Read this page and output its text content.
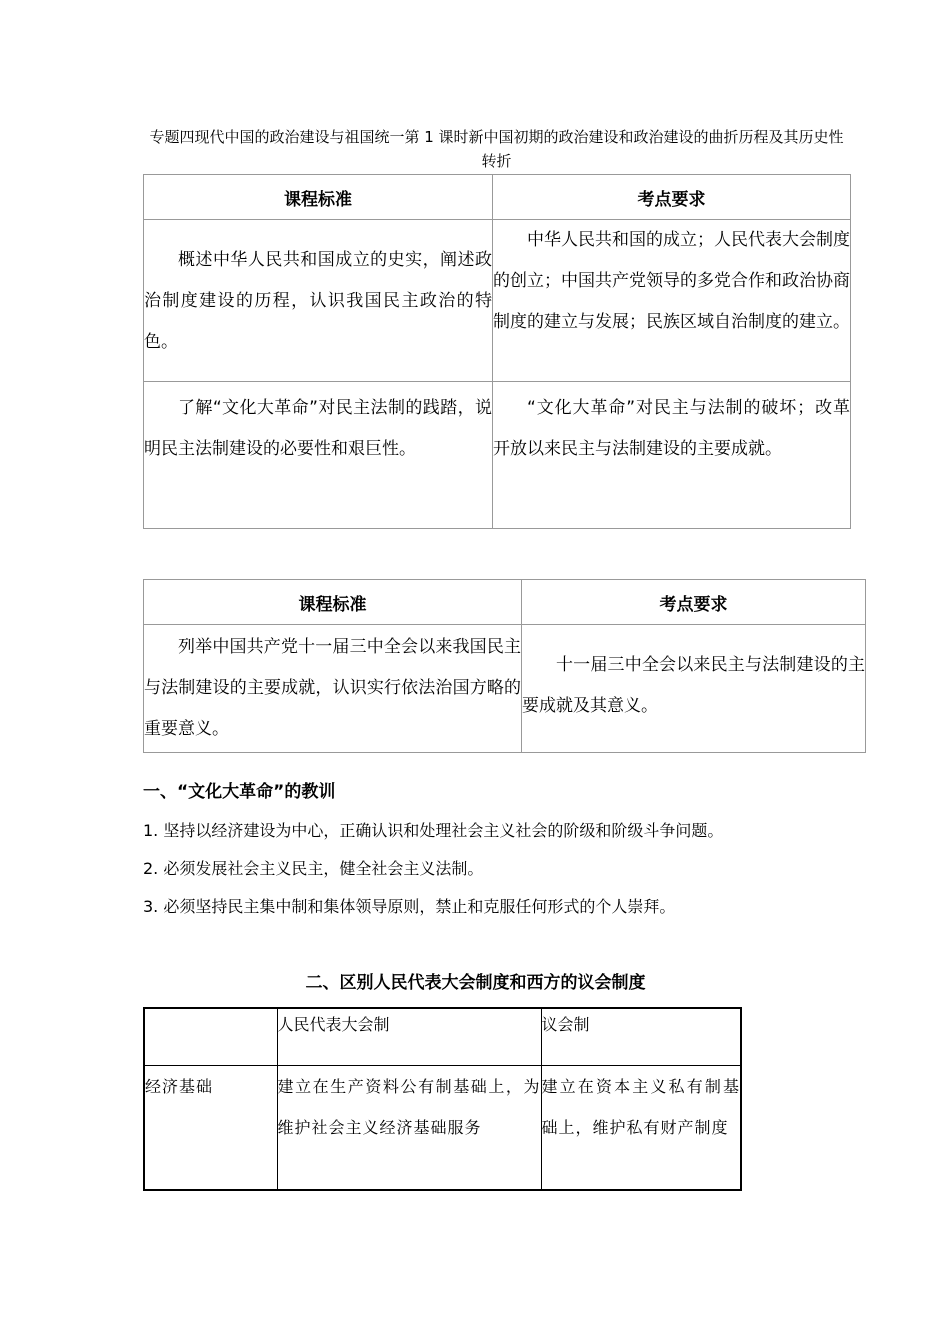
专题四现代中国的政治建设与祖国统一第 1 课时新中国初期的政治建设和政治建设的曲折历程及其历史性转折
课程标准	考点要求

概述中华人民共和国成立的史实，阐述政治制度建设的历程，认识我国民主政治的特色。	中华人民共和国的成立；人民代表大会制度的创立；中国共产党领导的多党合作和政治协商制度的建立与发展；民族区域自治制度的建立。

了解“文化大革命”对民主法制的践踏，说明民主法制建设的必要性和艰巨性。	“文化大革命”对民主与法制的破坏；改革开放以来民主与法制建设的主要成就。
课程标准	考点要求

列举中国共产党十一届三中全会以来我国民主与法制建设的主要成就，认识实行依法治国方略的重要意义。	十一届三中全会以来民主与法制建设的主要成就及其意义。
一、“文化大革命”的教训
1. 坚持以经济建设为中心，正确认识和处理社会主义社会的阶级和阶级斗争问题。
2. 必须发展社会主义民主，健全社会主义法制。
3. 必须坚持民主集中制和集体领导原则，禁止和克服任何形式的个人崇拜。
二、区别人民代表大会制度和西方的议会制度
	人民代表大会制	议会制

经济基础	建立在生产资料公有制基础上，为维护社会主义经济基础服务	建立在资本主义私有制基础上，维护私有财产制度
